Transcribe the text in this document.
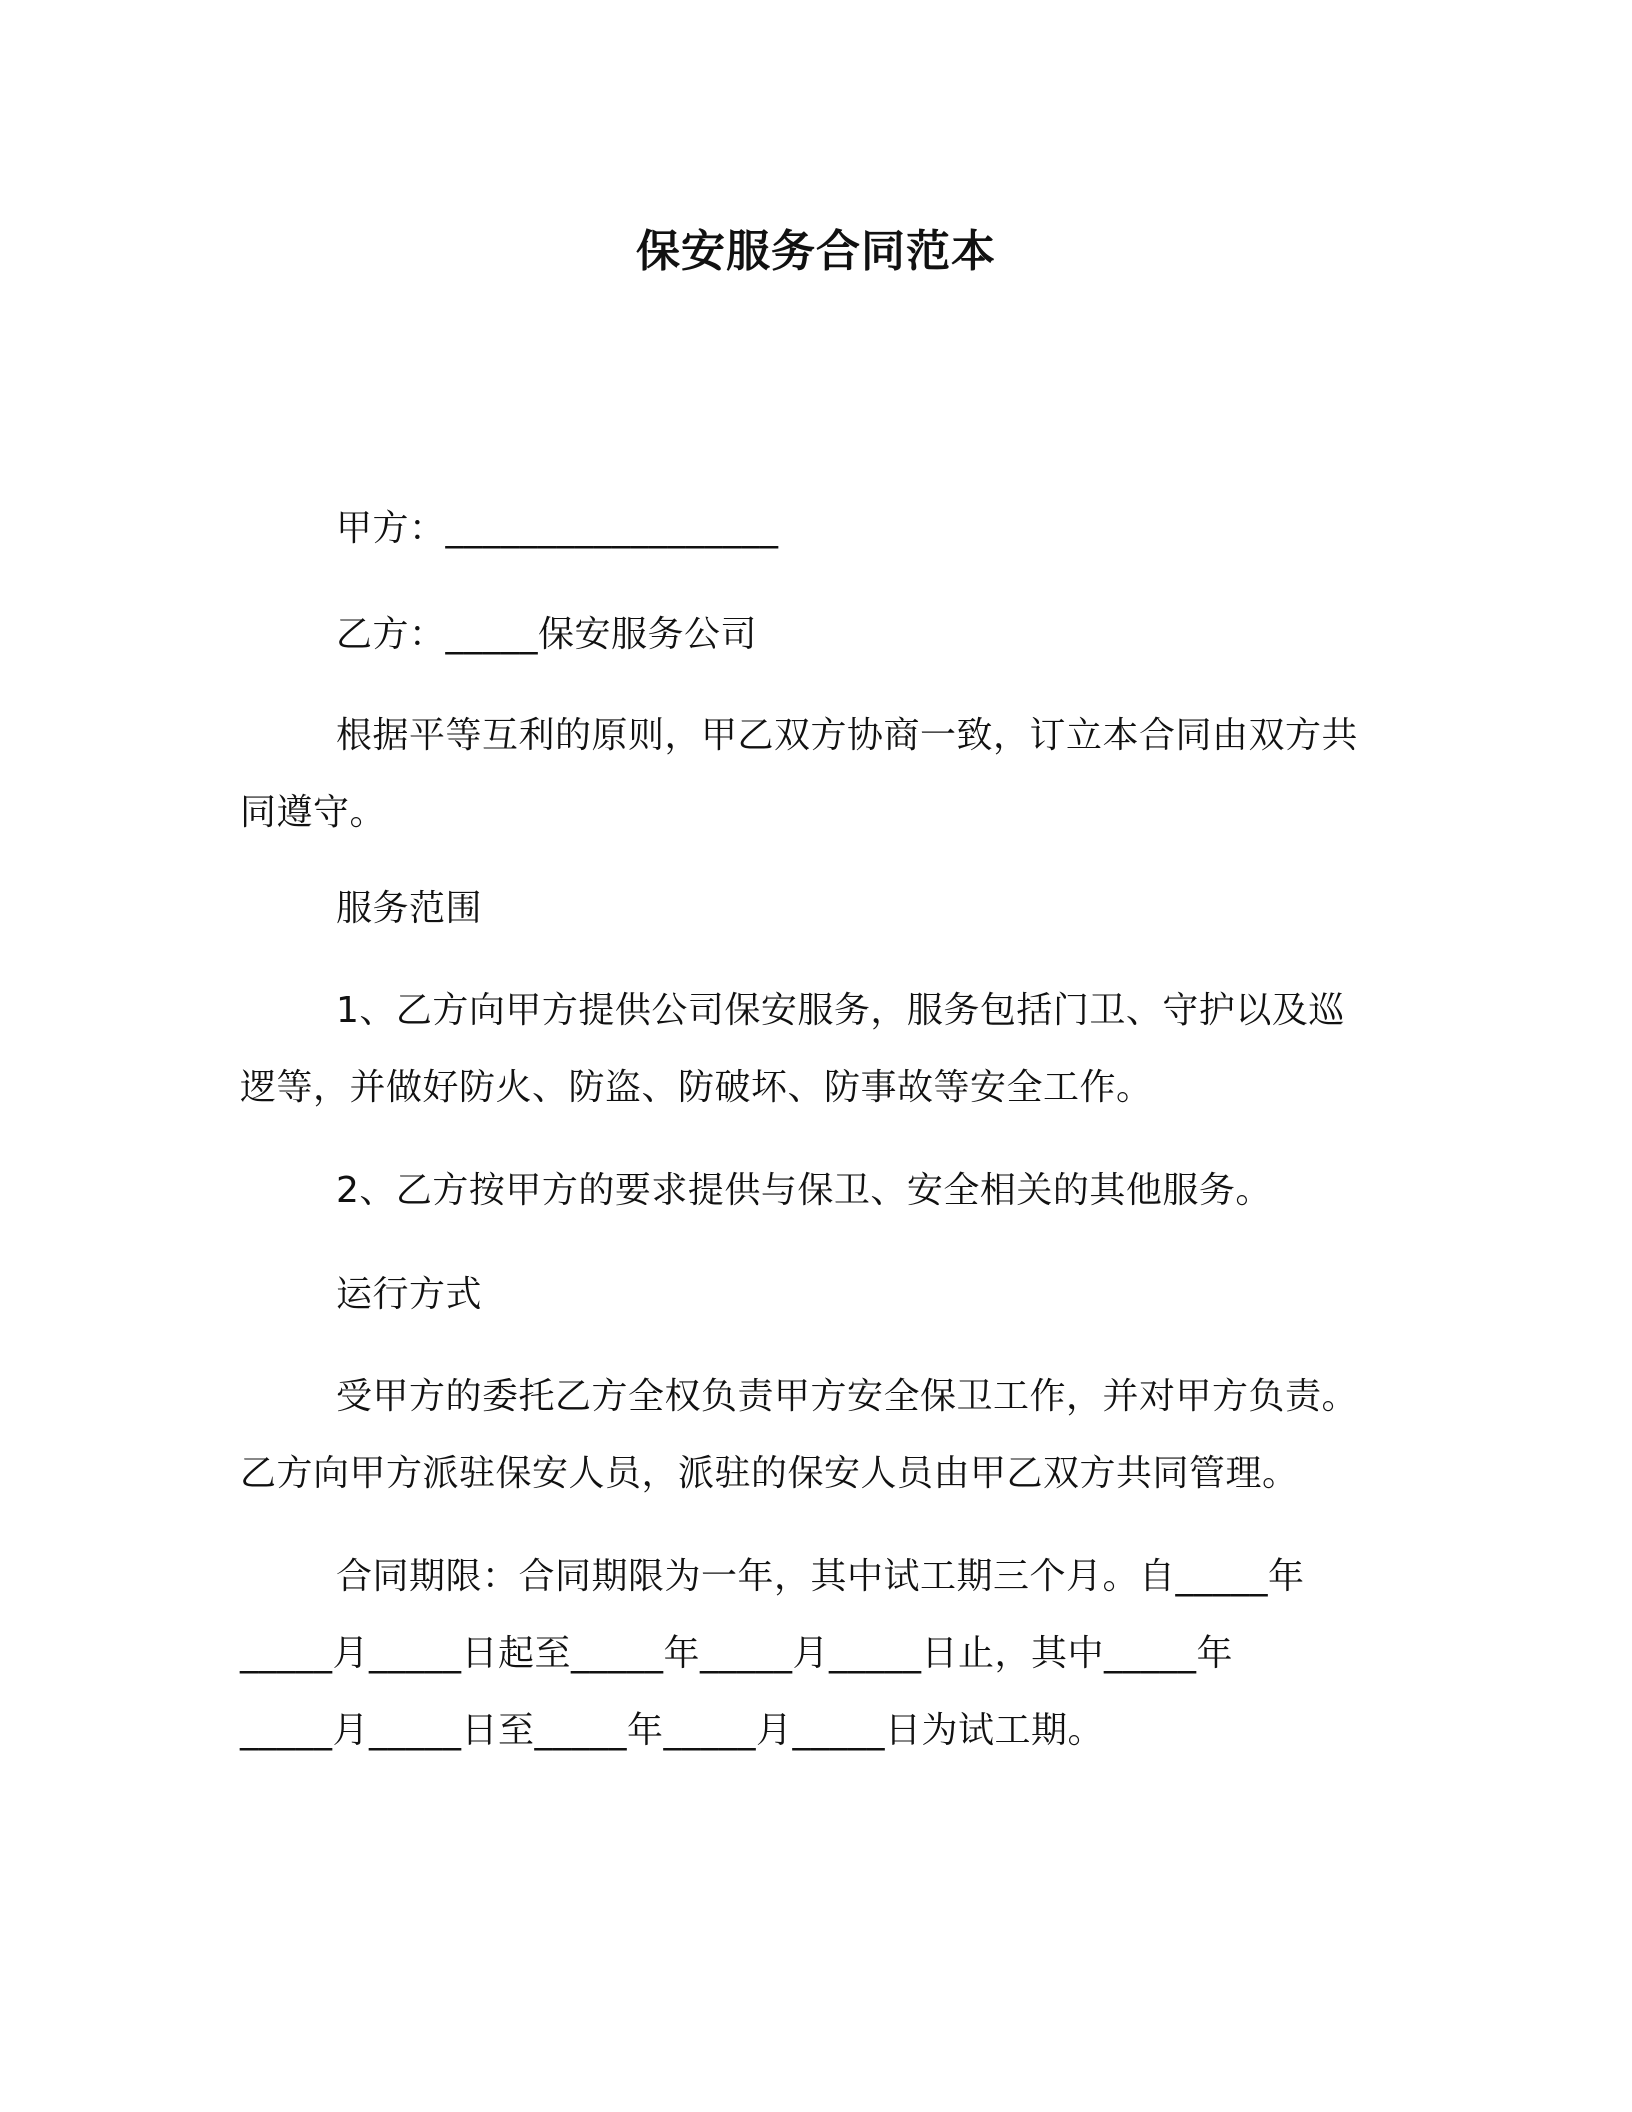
保安服务合同范本
甲方：__________________
乙方：_____保安服务公司
根据平等互利的原则，甲乙双方协商一致，订立本合同由双方共
同遵守。
服务范围
1、乙方向甲方提供公司保安服务，服务包括门卫、守护以及巡
逻等，并做好防火、防盗、防破坏、防事故等安全工作。
2、乙方按甲方的要求提供与保卫、安全相关的其他服务。
运行方式
受甲方的委托乙方全权负责甲方安全保卫工作，并对甲方负责。
乙方向甲方派驻保安人员，派驻的保安人员由甲乙双方共同管理。
合同期限：合同期限为一年，其中试工期三个月。自_____年
_____月_____日起至_____年_____月_____日止，其中_____年
_____月_____日至_____年_____月_____日为试工期。
